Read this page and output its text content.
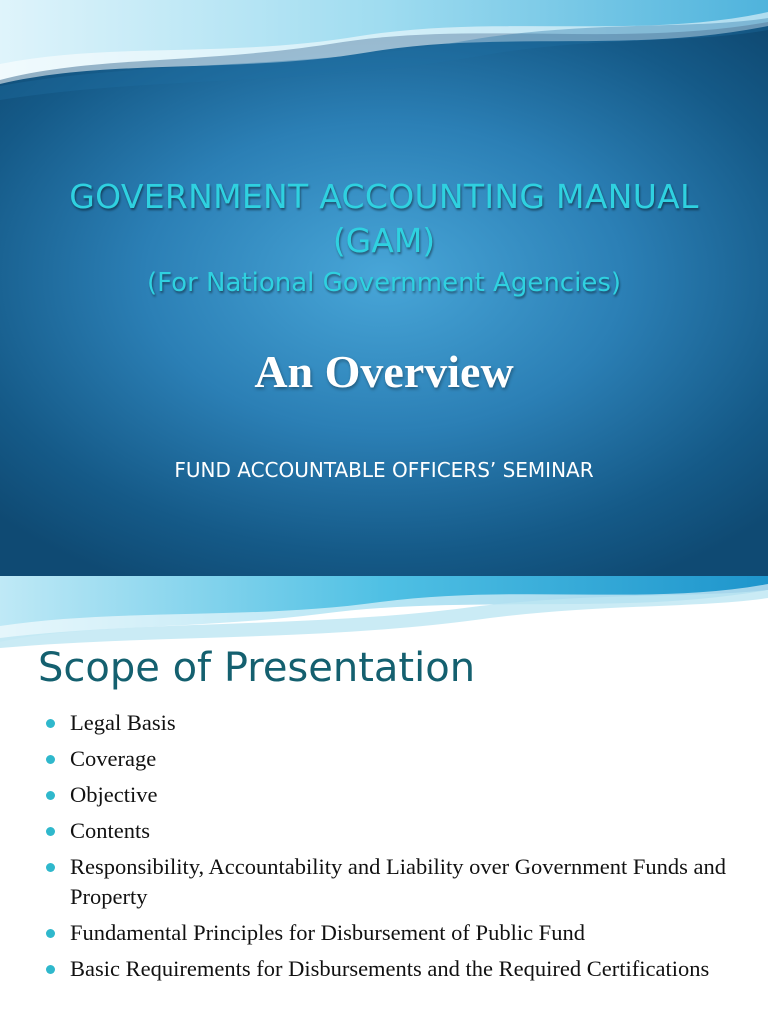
GOVERNMENT ACCOUNTING MANUAL
(GAM)
(For National Government Agencies)
An Overview
FUND ACCOUNTABLE OFFICERS’ SEMINAR
Scope of Presentation
Legal Basis
Coverage
Objective
Contents
Responsibility, Accountability and Liability over Government Funds and Property
Fundamental Principles for Disbursement of Public Fund
Basic Requirements for Disbursements and the Required Certifications
